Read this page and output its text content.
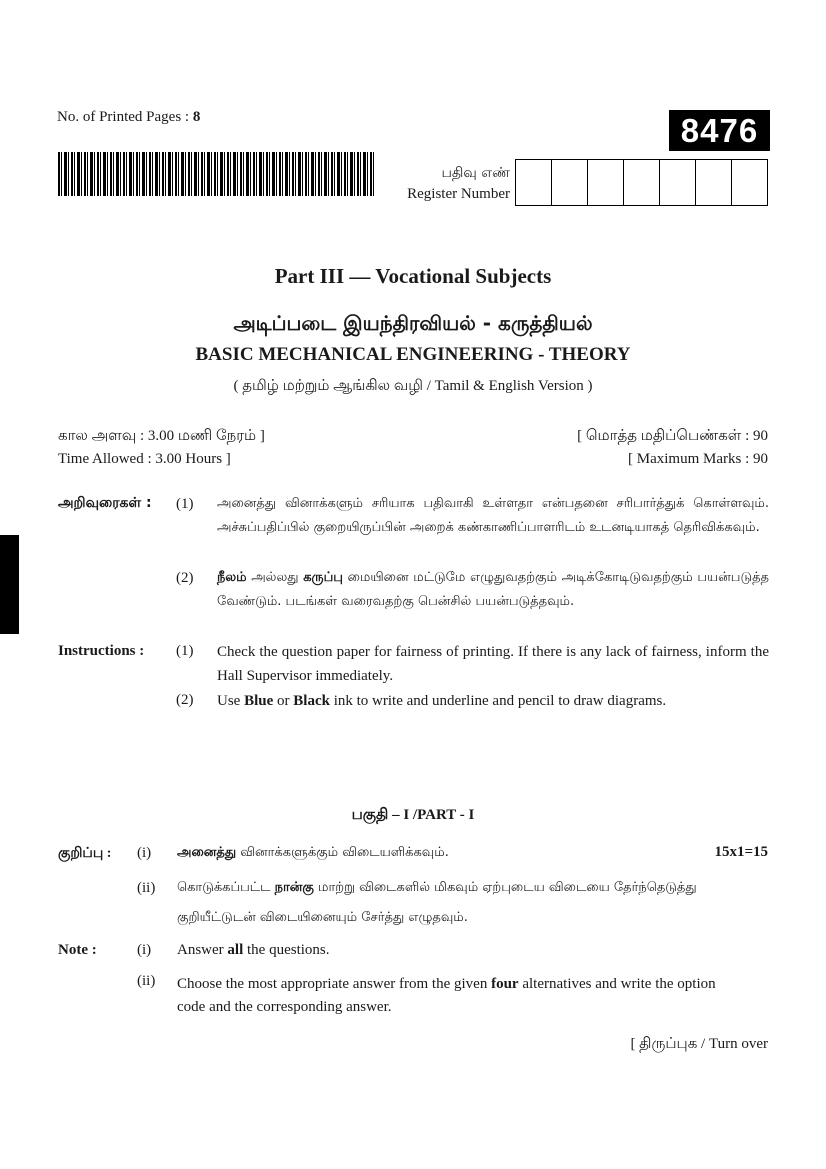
No. of Printed Pages : 8	8476
பதிவு எண்
Register Number
Part III — Vocational Subjects
அடிப்படை இயந்திரவியல் - கருத்தியல்
BASIC MECHANICAL ENGINEERING - THEORY
( தமிழ் மற்றும் ஆங்கில வழி / Tamil & English Version )
கால அளவு : 3.00 மணி நேரம் ]
Time Allowed : 3.00 Hours ]
[ மொத்த மதிப்பெண்கள் : 90
[ Maximum Marks : 90
அறிவுரைகள் : (1)	அனைத்து வினாக்களும் சரியாக பதிவாகி உள்ளதா என்பதனை சரிபார்த்துக் கொள்ளவும். அச்சுப்பதிப்பில் குறையிருப்பின் அறைக் கண்காணிப்பாளரிடம் உடனடியாகத் தெரிவிக்கவும்.
(2)	நீலம் அல்லது கருப்பு மையினை மட்டுமே எழுதுவதற்கும் அடிக்கோடிடுவதற்கும் பயன்படுத்த வேண்டும். படங்கள் வரைவதற்கு பென்சில் பயன்படுத்தவும்.
Instructions : (1)	Check the question paper for fairness of printing. If there is any lack of fairness, inform the Hall Supervisor immediately.
(2)	Use Blue or Black ink to write and underline and pencil to draw diagrams.
பகுதி – I /PART - I
குறிப்பு : (i) அனைத்து வினாக்களுக்கும் விடையளிக்கவும்.	15x1=15
(ii) கொடுக்கப்பட்ட நான்கு மாற்று விடைகளில் மிகவும் ஏற்புடைய விடையை தேர்ந்தெடுத்து குறியீட்டுடன் விடையினையும் சேர்த்து எழுதவும்.
Note :	(i) Answer all the questions.
(ii) Choose the most appropriate answer from the given four alternatives and write the option code and the corresponding answer.
[ திருப்புக / Turn over
